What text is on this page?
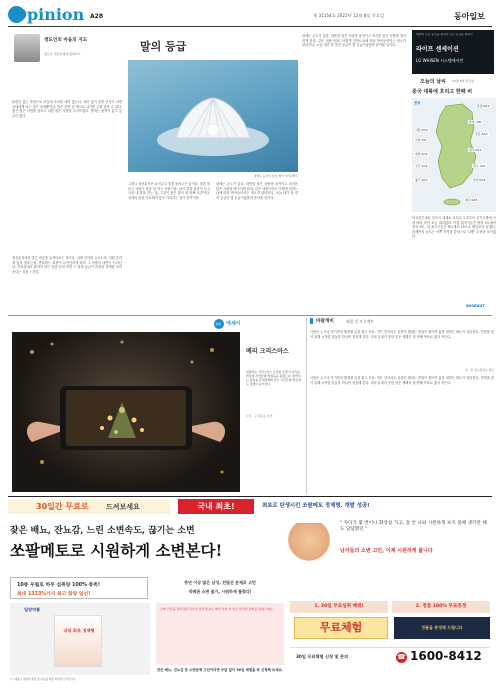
Opinion A28	제 31154호 2022년 12월 8일 목요일	동아일보
정도언의 마음의 지도
정도언 서울대 의대 명예교수
말의 등급
말에도 등급이 있다 게티 이미지뱅크
불편감 있는 표현으로 마음에 소리를 내지 않는다. 의미 없이 말을 던지고 나면 상대에게 남는 것은 상처뿐이다. 말은 한번 입 밖으로 나가면 주워 담을 수 없다. 좋은 말은 사람을 살리고 나쁜 말은 사람을 무너뜨린다. 말에는 품격이 있고 등급이 있다.
정신분석에서 말은 마음을 들여다보는 창이다. 어떤 단어를 고르는지, 어떤 순간에 말을 멈추는지, 반복하는 표현이 무엇인지에 따라 그 사람의 내면이 드러난다. 진료실에서 환자가 하는 말을 듣다 보면 그 말의 등급이 마음의 상태를 보여준다는 것을 느낀다.
그러니 정신분석은 들어주고 말을 돌려주는 일이다. 말을 잘 듣는 사람이 말을 잘 하는 사람이다. 남의 말을 끝까지 듣고 나서 내 말을 하는 것, 그것이 좋은 말의 첫 번째 조건이다. 상대의 말을 가로채지 않고 기다리는 것이 품격이다.
말에는 온도가 있다. 따뜻한 말은 사람을 움직이고 차가운 말은 사람을 멀어지게 한다. 같은 내용이라도 어떻게 전하느냐에 따라 받아들여지는 정도가 달라진다. 오늘 내가 한 말의 등급은 몇 등급이었을까 돌아볼 일이다.
말에는 온도가 있다. 따뜻한 말은 사람을 움직이고 차가운 말은 사람을 멀어지게 한다. 같은 내용이라도 어떻게 전하느냐에 따라 받아들여지는 정도가 달라진다. 오늘 내가 한 말의 등급은 몇 등급이었을까 돌아볼 일이다.
세상의 모든 공간을 살핀다 모든 공간을 살핀다
라이프 센세이션
LG WHISEN 시스템에어컨
오늘의 날씨 12월 8일 목요일
중국 대륙에 흐리고 한때 비
전국
서울 2/10
인천 3/9
춘천 -3/8
강릉 4/13
대전 0/12
청주 1/11
전주 1/12
광주 3/13
대구 1/13
부산 6/15
제주 9/15
울릉 6/11
목요일인 8일 전국이 대체로 흐리고 오후부터 중부지방에 곳에 따라 비가 조금 내리겠다. 아침 최저기온은 영하 3도에서 영상 9도, 낮 최고기온은 8도에서 15도로 평년보다 높겠다. 미세먼지 농도는 서쪽 지역을 중심으로 '나쁨' 수준을 보이겠다.
WISENUT
포토 에세이
메리 크리스마스
연말에는 크리스마스 트리와 조명이 거리를 밝히며 사람들의 발걸음을 붙잡는다. 반짝이는 불빛을 휴대전화에 담는 시민들의 얼굴에도 설렘이 묻어난다.
사진 · 글 김동주 기자
바람개비	해결 일 프로젝트
사람은 누구나 자기만의 해결할 일을 품고 산다. 작은 일이라도 끝까지 해내는 경험이 쌓이면 삶을 대하는 태도가 달라진다. 연말을 맞아 올해 시작한 일들을 하나씩 점검해 본다. 미처 끝내지 못한 일은 새해의 첫 번째 목표로 옮겨 적는다.
김 · 콘 정소상담소 대표
사람은 누구나 자기만의 해결할 일을 품고 산다. 작은 일이라도 끝까지 해내는 경험이 쌓이면 삶을 대하는 태도가 달라진다. 연말을 맞아 올해 시작한 일들을 하나씩 점검해 본다. 미처 끝내지 못한 일은 새해의 첫 번째 목표로 옮겨 적는다.
30일간 무료로 드셔보세요	국내 최초!	최초로 탄생시킨 쏘팔메토 정제형. 개발 성공!
잦은 배뇨, 잔뇨감, 느린 소변속도, 끊기는 소변
쏘팔메토로 시원하게 소변본다!
" 자다가 몇 번이나 화장실 가고, 잘 안 나와 시원하게 보지 못해 생각만 해도 답답했던 "
남자들의 소변 고민, 이제 시원하게 풉니다
10종 우월로 하루 섭취량 100% 충족!
최대 1333%가지 최고 함량 엄선!
중년 이상 많은 남성, 전립선 문제로 고민
직배관 소변 줄기, 시원하게 풀렸다!
일양약품
국내 최초 정제형
소변 건강을 관리하면 하루가 달라집니다. 매일 아침 한 알로 편안한 일상을 되찾으세요.
잦은 배뇨, 잔뇨감 등 소변문제 고민이라면 부담 없이 30일 체험을 꼭 신청해 보세요.
*이 제품은 질병의 예방 및 치료를 위한 의약품이 아닙니다.
1. 30일 무료섭취 혜택!	2. 정품 180% 무료증정
무료체험	정품을 증정해 드립니다
30일 무료체험 신청 및 문의	☎ 1600-8412
